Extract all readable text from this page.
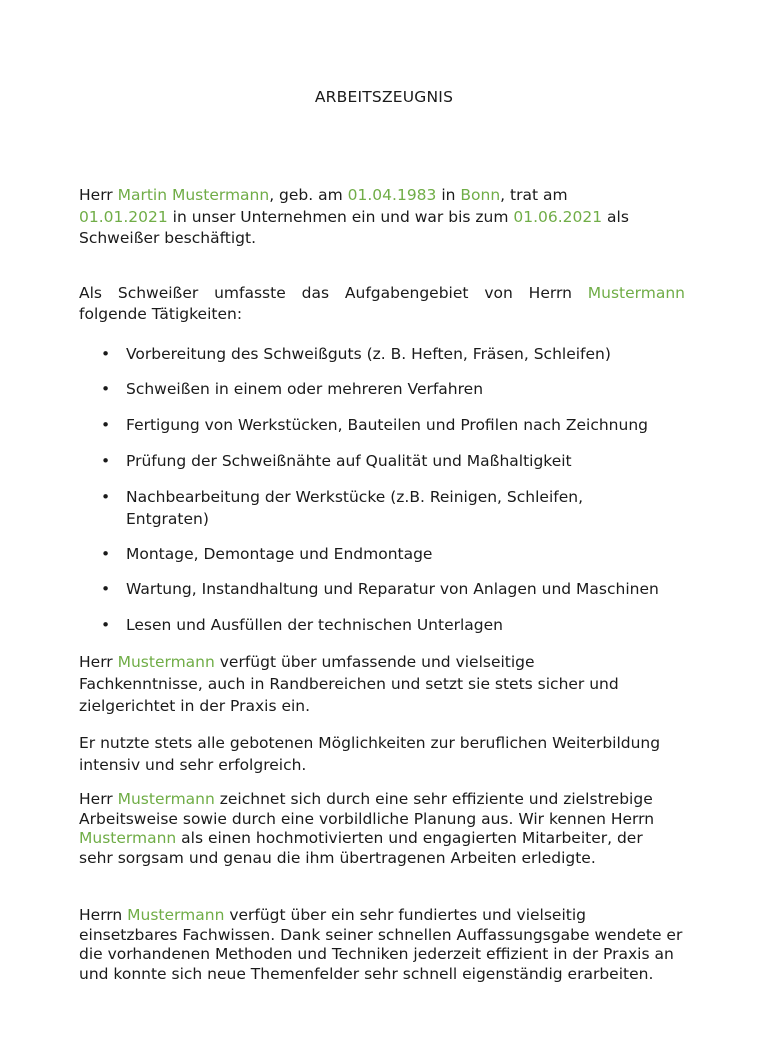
ARBEITSZEUGNIS

Herr Martin Mustermann, geb. am 01.04.1983 in Bonn, trat am
01.01.2021 in unser Unternehmen ein und war bis zum 01.06.2021 als Schweißer beschäftigt.

Als Schweißer umfasste das Aufgabengebiet von Herrn Mustermann

folgende Tätigkeiten:

• Vorbereitung des Schweißguts (z. B. Heften, Fräsen, Schleifen)
• Schweißen in einem oder mehreren Verfahren
• Fertigung von Werkstücken, Bauteilen und Profilen nach Zeichnung
• Prüfung der Schweißnähte auf Qualität und Maßhaltigkeit
• Nachbearbeitung der Werkstücke (z.B. Reinigen, Schleifen, Entgraten)
• Montage, Demontage und Endmontage
• Wartung, Instandhaltung und Reparatur von Anlagen und Maschinen
• Lesen und Ausfüllen der technischen Unterlagen

Herr Mustermann verfügt über umfassende und vielseitige Fachkenntnisse, auch in Randbereichen und setzt sie stets sicher und zielgerichtet in der Praxis ein.

Er nutzte stets alle gebotenen Möglichkeiten zur beruflichen Weiterbildung intensiv und sehr erfolgreich.

Herr Mustermann zeichnet sich durch eine sehr effiziente und zielstrebige Arbeitsweise sowie durch eine vorbildliche Planung aus. Wir kennen Herrn Mustermann als einen hochmotivierten und engagierten Mitarbeiter, der sehr sorgsam und genau die ihm übertragenen Arbeiten erledigte.

Herrn Mustermann verfügt über ein sehr fundiertes und vielseitig einsetzbares Fachwissen. Dank seiner schnellen Auffassungsgabe wendete er die vorhandenen Methoden und Techniken jederzeit effizient in der Praxis an und konnte sich neue Themenfelder sehr schnell eigenständig erarbeiten.
